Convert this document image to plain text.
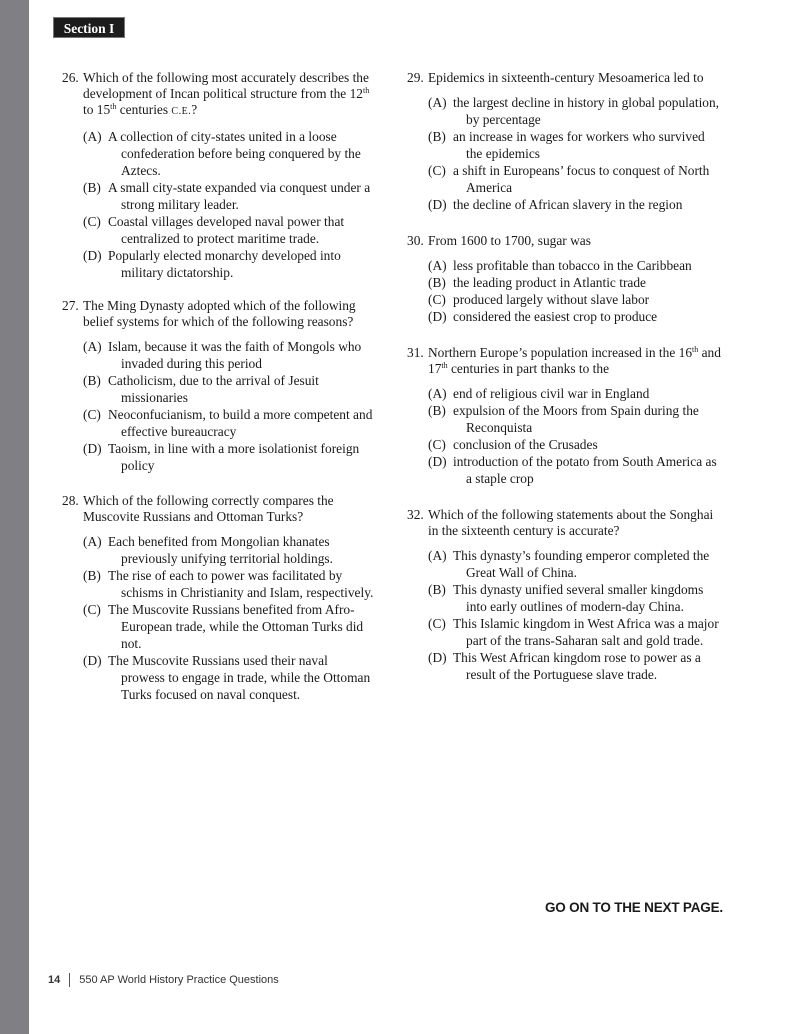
Section I
26. Which of the following most accurately describes the development of Incan political structure from the 12th to 15th centuries C.E.?
(A) A collection of city-states united in a loose confederation before being conquered by the Aztecs.
(B) A small city-state expanded via conquest under a strong military leader.
(C) Coastal villages developed naval power that centralized to protect maritime trade.
(D) Popularly elected monarchy developed into military dictatorship.
27. The Ming Dynasty adopted which of the following belief systems for which of the following reasons?
(A) Islam, because it was the faith of Mongols who invaded during this period
(B) Catholicism, due to the arrival of Jesuit missionaries
(C) Neoconfucianism, to build a more competent and effective bureaucracy
(D) Taoism, in line with a more isolationist foreign policy
28. Which of the following correctly compares the Muscovite Russians and Ottoman Turks?
(A) Each benefited from Mongolian khanates previously unifying territorial holdings.
(B) The rise of each to power was facilitated by schisms in Christianity and Islam, respectively.
(C) The Muscovite Russians benefited from Afro-European trade, while the Ottoman Turks did not.
(D) The Muscovite Russians used their naval prowess to engage in trade, while the Ottoman Turks focused on naval conquest.
29. Epidemics in sixteenth-century Mesoamerica led to
(A) the largest decline in history in global population, by percentage
(B) an increase in wages for workers who survived the epidemics
(C) a shift in Europeans’ focus to conquest of North America
(D) the decline of African slavery in the region
30. From 1600 to 1700, sugar was
(A) less profitable than tobacco in the Caribbean
(B) the leading product in Atlantic trade
(C) produced largely without slave labor
(D) considered the easiest crop to produce
31. Northern Europe’s population increased in the 16th and 17th centuries in part thanks to the
(A) end of religious civil war in England
(B) expulsion of the Moors from Spain during the Reconquista
(C) conclusion of the Crusades
(D) introduction of the potato from South America as a staple crop
32. Which of the following statements about the Songhai in the sixteenth century is accurate?
(A) This dynasty’s founding emperor completed the Great Wall of China.
(B) This dynasty unified several smaller kingdoms into early outlines of modern-day China.
(C) This Islamic kingdom in West Africa was a major part of the trans-Saharan salt and gold trade.
(D) This West African kingdom rose to power as a result of the Portuguese slave trade.
GO ON TO THE NEXT PAGE.
14 550 AP World History Practice Questions
